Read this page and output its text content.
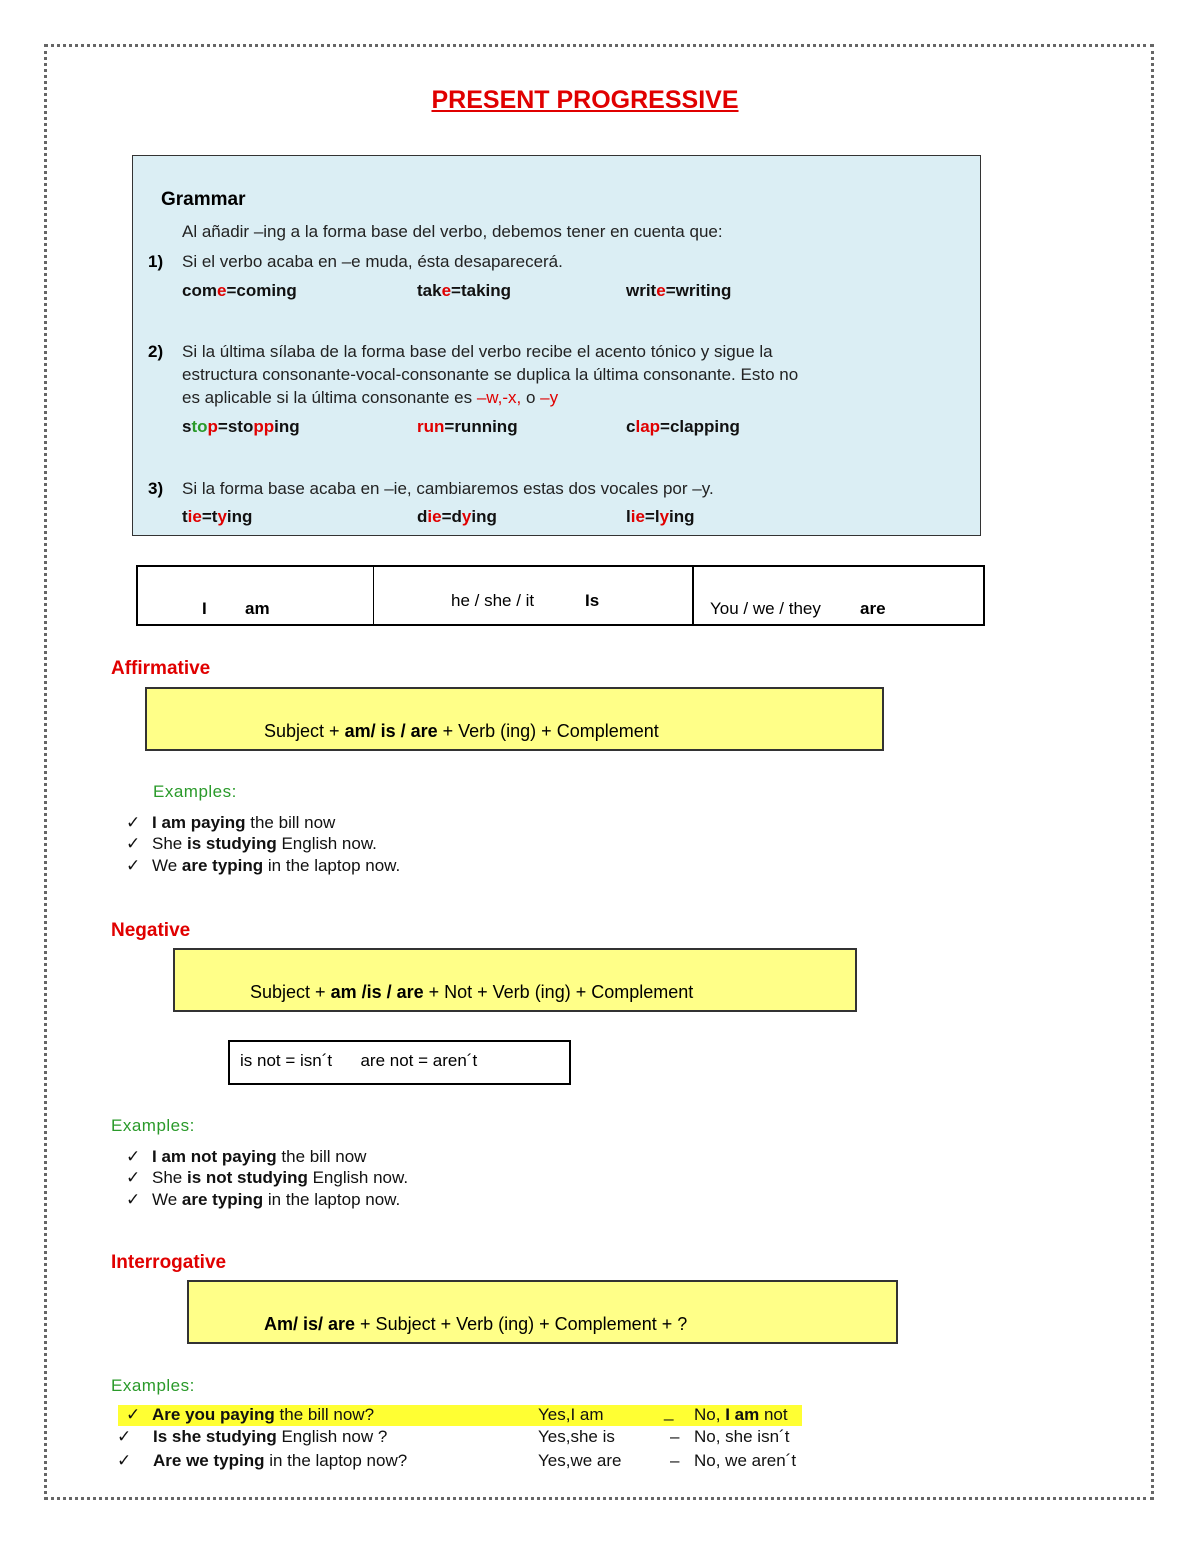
PRESENT PROGRESSIVE
Grammar
Al añadir –ing a la forma base del verbo, debemos tener en cuenta que:
1) Si el verbo acaba en –e muda, ésta desaparecerá.
come=coming	take=taking	write=writing
2) Si la última sílaba de la forma base del verbo recibe el acento tónico y sigue la
estructura consonante-vocal-consonante se duplica la última consonante. Esto no
es aplicable si la última consonante es –w,-x, o –y
stop=stopping	run=running	clap=clapping
3) Si la forma base acaba en –ie, cambiaremos estas dos vocales por –y.
tie=tying	die=dying	lie=lying
I am	he / she / it	Is	You / we / they are
Affirmative
Subject + am/ is / are + Verb (ing) + Complement
Examples:
✓ I am paying the bill now
✓ She is studying English now.
✓ We are typing in the laptop now.
Negative
Subject + am /is / are + Not + Verb (ing) + Complement
is not = isn´t      are not = aren´t
Examples:
✓ I am not paying the bill now
✓ She is not studying English now.
✓ We are typing in the laptop now.
Interrogative
Am/ is/ are + Subject + Verb (ing) + Complement + ?
Examples:
✓ Are you paying the bill now?	Yes,I am	_ No, I am not
✓ Is she studying English now ?	Yes,she is	– No, she isn´t
✓ Are we typing in the laptop now?	Yes,we are	– No, we aren´t
